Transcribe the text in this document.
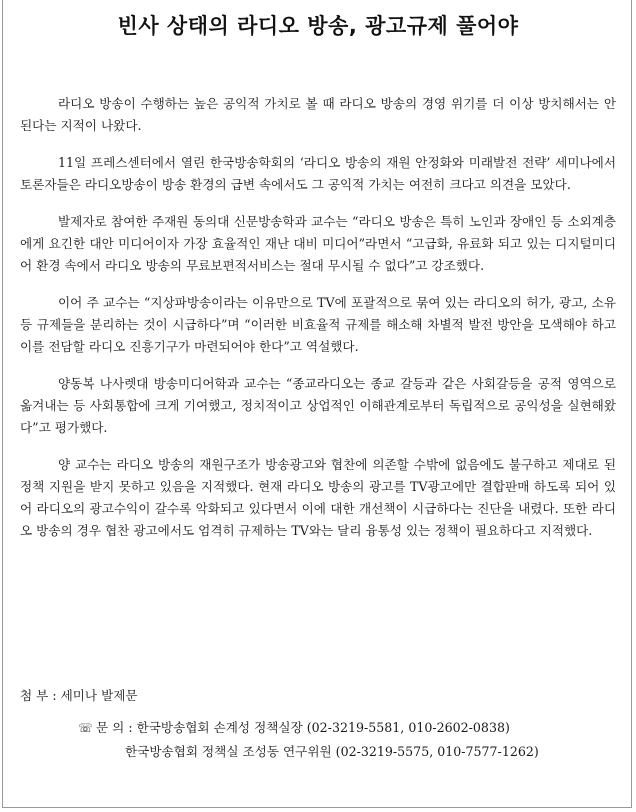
빈사 상태의 라디오 방송, 광고규제 풀어야

라디오 방송이 수행하는 높은 공익적 가치로 볼 때 라디오 방송의 경영 위기를 더 이상 방치해서는 안 된다는 지적이 나왔다.

11일 프레스센터에서 열린 한국방송학회의 ‘라디오 방송의 재원 안정화와 미래발전 전략’ 세미나에서 토론자들은 라디오방송이 방송 환경의 급변 속에서도 그 공익적 가치는 여전히 크다고 의견을 모았다.

발제자로 참여한 주재원 동의대 신문방송학과 교수는 “라디오 방송은 특히 노인과 장애인 등 소외계층에게 요긴한 대안 미디어이자 가장 효율적인 재난 대비 미디어”라면서 “고급화, 유료화 되고 있는 디지털미디어 환경 속에서 라디오 방송의 무료보편적서비스는 절대 무시될 수 없다”고 강조했다.

이어 주 교수는 “지상파방송이라는 이유만으로 TV에 포괄적으로 묶여 있는 라디오의 허가, 광고, 소유 등 규제들을 분리하는 것이 시급하다”며 “이러한 비효율적 규제를 해소해 차별적 발전 방안을 모색해야 하고 이를 전담할 라디오 진흥기구가 마련되어야 한다”고 역설했다.

양동복 나사렛대 방송미디어학과 교수는 “종교라디오는 종교 갈등과 같은 사회갈등을 공적 영역으로 옮겨내는 등 사회통합에 크게 기여했고, 정치적이고 상업적인 이해관계로부터 독립적으로 공익성을 실현해왔다”고 평가했다.

양 교수는 라디오 방송의 재원구조가 방송광고와 협찬에 의존할 수밖에 없음에도 불구하고 제대로 된 정책 지원을 받지 못하고 있음을 지적했다. 현재 라디오 방송의 광고를 TV광고에만 결합판매 하도록 되어 있어 라디오의 광고수익이 갈수록 악화되고 있다면서 이에 대한 개선책이 시급하다는 진단을 내렸다. 또한 라디오 방송의 경우 협찬 광고에서도 엄격히 규제하는 TV와는 달리 융통성 있는 정책이 필요하다고 지적했다.

첨 부 : 세미나 발제문
☏ 문 의 : 한국방송협회 손계성 정책실장 (02-3219-5581, 010-2602-0838)
한국방송협회 정책실 조성동 연구위원 (02-3219-5575, 010-7577-1262)
